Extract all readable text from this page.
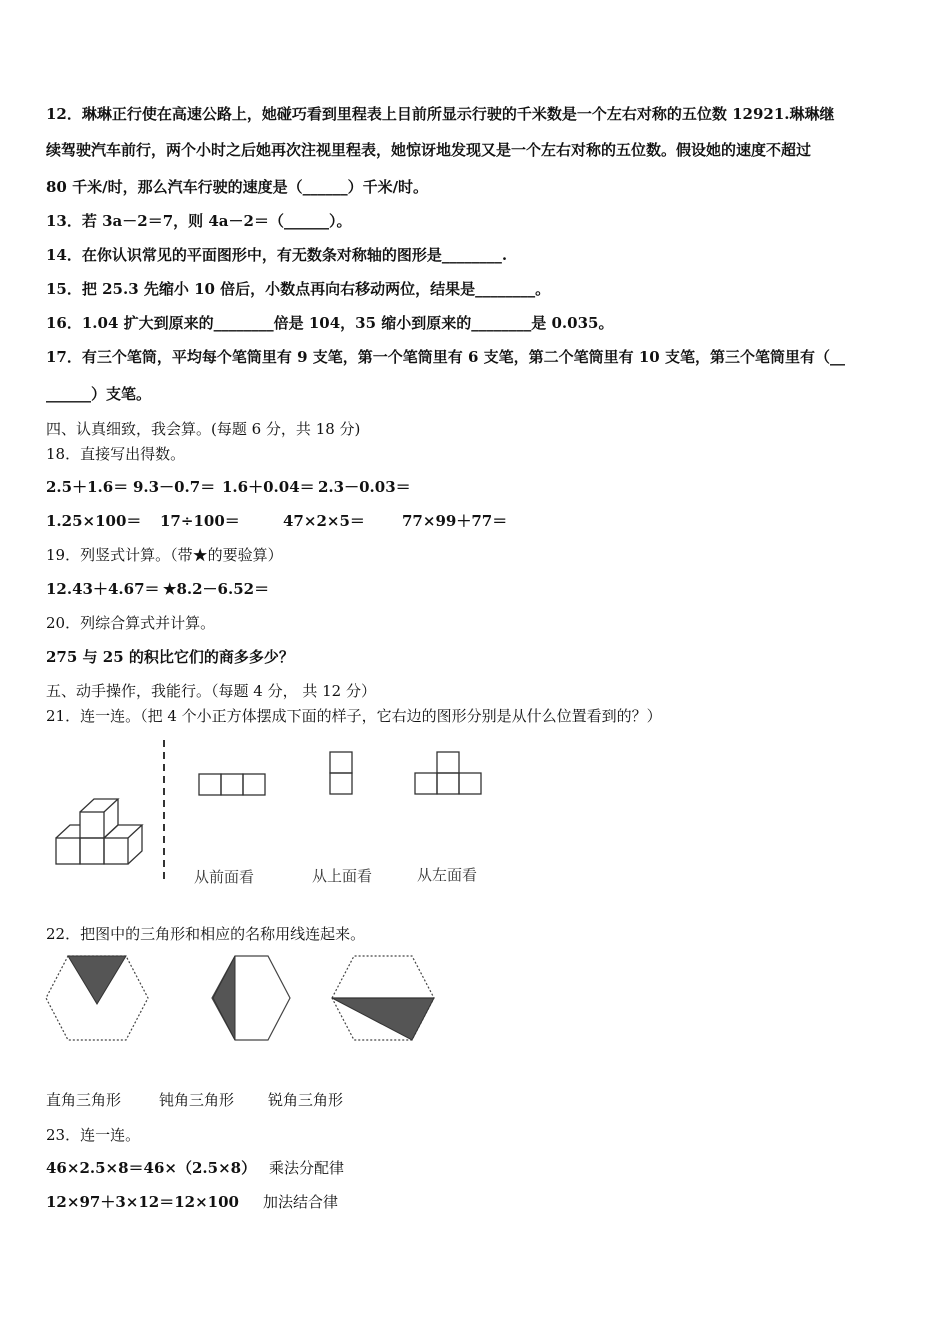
12．琳琳正行使在高速公路上，她碰巧看到里程表上目前所显示行驶的千米数是一个左右对称的五位数 12921.琳琳继
续驾驶汽车前行，两个小时之后她再次注视里程表，她惊讶地发现又是一个左右对称的五位数。假设她的速度不超过
80 千米/时，那么汽车行驶的速度是（______）千米/时。
13．若 3a－2＝7，则 4a－2＝（______）。
14．在你认识常见的平面图形中，有无数条对称轴的图形是________.
15．把 25.3 先缩小 10 倍后，小数点再向右移动两位，结果是________。
16．1.04 扩大到原来的________倍是 104，35 缩小到原来的________是 0.035。
17．有三个笔筒，平均每个笔筒里有 9 支笔，第一个笔筒里有 6 支笔，第二个笔筒里有 10 支笔，第三个笔筒里有（__
______）支笔。
四、认真细致，我会算。(每题 6 分，共 18 分)
18．直接写出得数。
2.5＋1.6＝ 9.3－0.7＝ 1.6＋0.04＝ 2.3－0.03＝
1.25×100＝ 17÷100＝	47×2×5＝ 77×99＋77＝
19．列竖式计算。（带★的要验算）
12.43＋4.67＝ ★8.2－6.52＝
20．列综合算式并计算。
275 与 25 的积比它们的商多多少？
五、动手操作，我能行。（每题 4 分， 共 12 分）
21．连一连。（把 4 个小正方体摆成下面的样子，它右边的图形分别是从什么位置看到的？）
从前面看	从上面看	从左面看
22．把图中的三角形和相应的名称用线连起来。
直角三角形	钝角三角形 锐角三角形
23．连一连。
46×2.5×8＝46×（2.5×8） 乘法分配律
12×97＋3×12＝12×100 加法结合律
